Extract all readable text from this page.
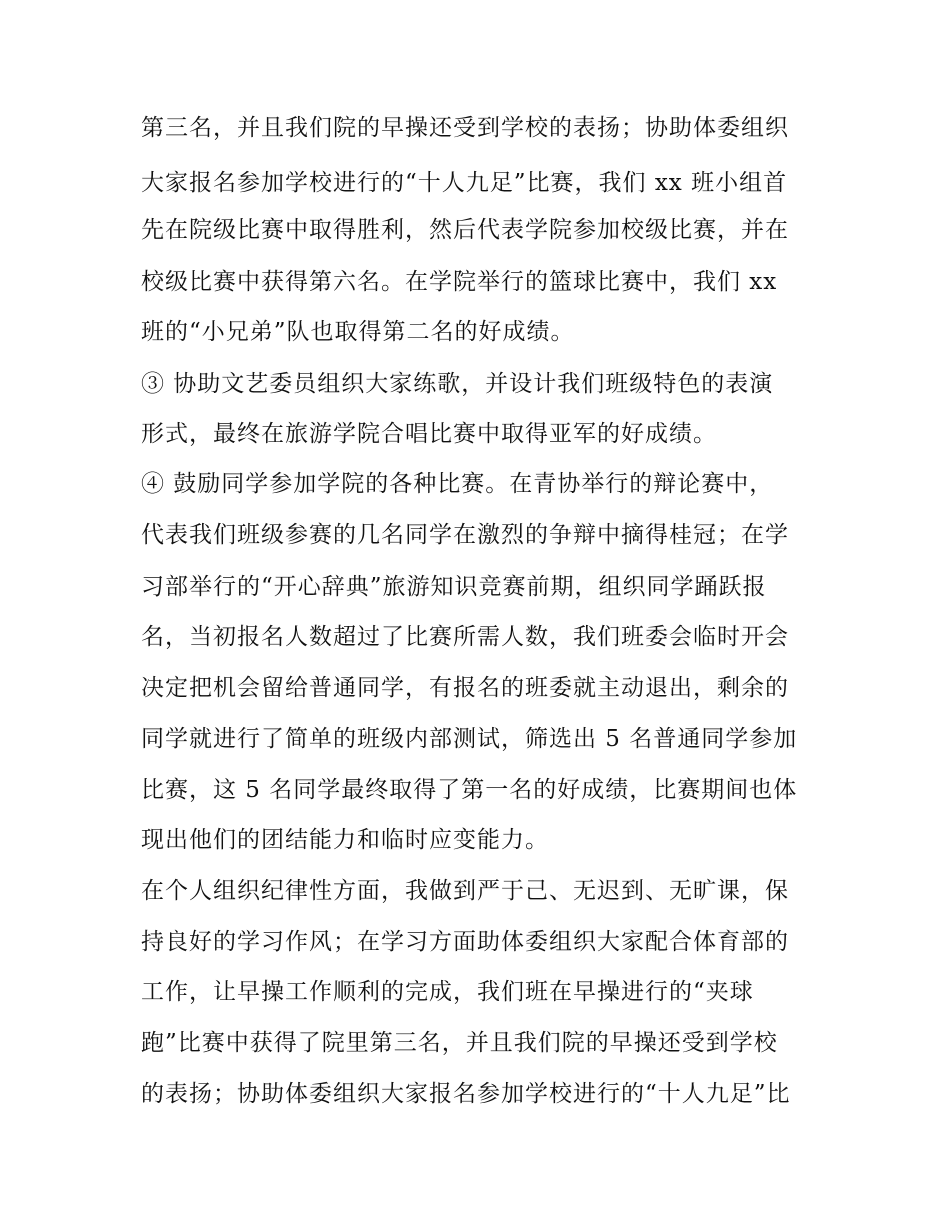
第三名，并且我们院的早操还受到学校的表扬；协助体委组织
大家报名参加学校进行的“十人九足”比赛，我们 xx 班小组首
先在院级比赛中取得胜利，然后代表学院参加校级比赛，并在
校级比赛中获得第六名。在学院举行的篮球比赛中，我们 xx
班的“小兄弟”队也取得第二名的好成绩。
③ 协助文艺委员组织大家练歌，并设计我们班级特色的表演
形式，最终在旅游学院合唱比赛中取得亚军的好成绩。
④ 鼓励同学参加学院的各种比赛。在青协举行的辩论赛中，
代表我们班级参赛的几名同学在激烈的争辩中摘得桂冠；在学
习部举行的“开心辞典”旅游知识竞赛前期，组织同学踊跃报
名，当初报名人数超过了比赛所需人数，我们班委会临时开会
决定把机会留给普通同学，有报名的班委就主动退出，剩余的
同学就进行了简单的班级内部测试，筛选出 5 名普通同学参加
比赛，这 5 名同学最终取得了第一名的好成绩，比赛期间也体
现出他们的团结能力和临时应变能力。
在个人组织纪律性方面，我做到严于己、无迟到、无旷课，保
持良好的学习作风；在学习方面助体委组织大家配合体育部的
工作，让早操工作顺利的完成，我们班在早操进行的“夹球
跑”比赛中获得了院里第三名，并且我们院的早操还受到学校
的表扬；协助体委组织大家报名参加学校进行的“十人九足”比
